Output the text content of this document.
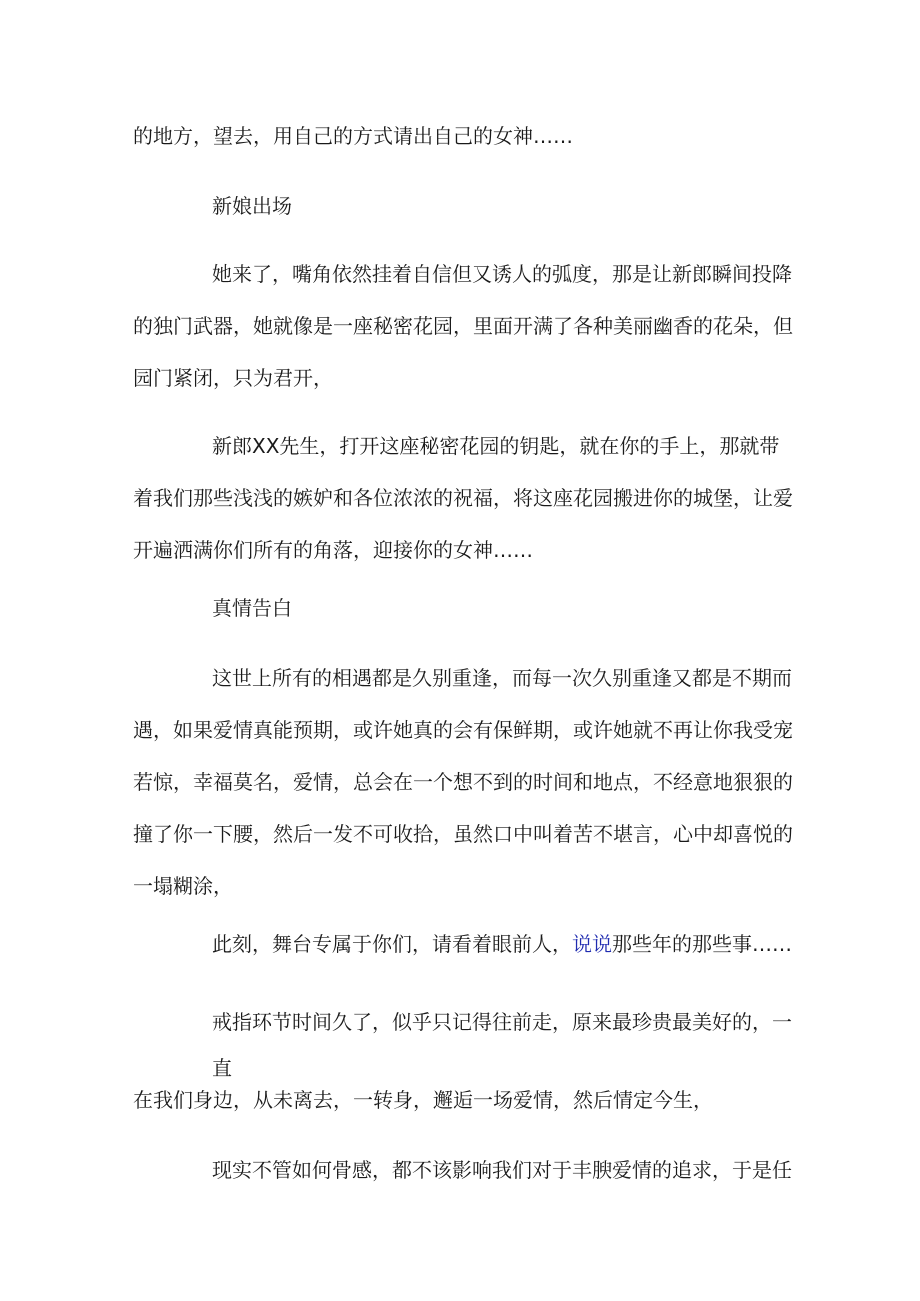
的地方，望去，用自己的方式请出自己的女神……
新娘出场
她来了，嘴角依然挂着自信但又诱人的弧度，那是让新郎瞬间投降
的独门武器，她就像是一座秘密花园，里面开满了各种美丽幽香的花朵，但
园门紧闭，只为君开，
新郎XX先生，打开这座秘密花园的钥匙，就在你的手上，那就带
着我们那些浅浅的嫉妒和各位浓浓的祝福，将这座花园搬进你的城堡，让爱
开遍洒满你们所有的角落，迎接你的女神……
真情告白
这世上所有的相遇都是久别重逢，而每一次久别重逢又都是不期而
遇，如果爱情真能预期，或许她真的会有保鲜期，或许她就不再让你我受宠
若惊，幸福莫名，爱情，总会在一个想不到的时间和地点，不经意地狠狠的
撞了你一下腰，然后一发不可收拾，虽然口中叫着苦不堪言，心中却喜悦的
一塌糊涂，
此刻，舞台专属于你们，请看着眼前人，说说那些年的那些事……
戒指环节时间久了，似乎只记得往前走，原来最珍贵最美好的，一
直
在我们身边，从未离去，一转身，邂逅一场爱情，然后情定今生，
现实不管如何骨感，都不该影响我们对于丰腴爱情的追求，于是任
